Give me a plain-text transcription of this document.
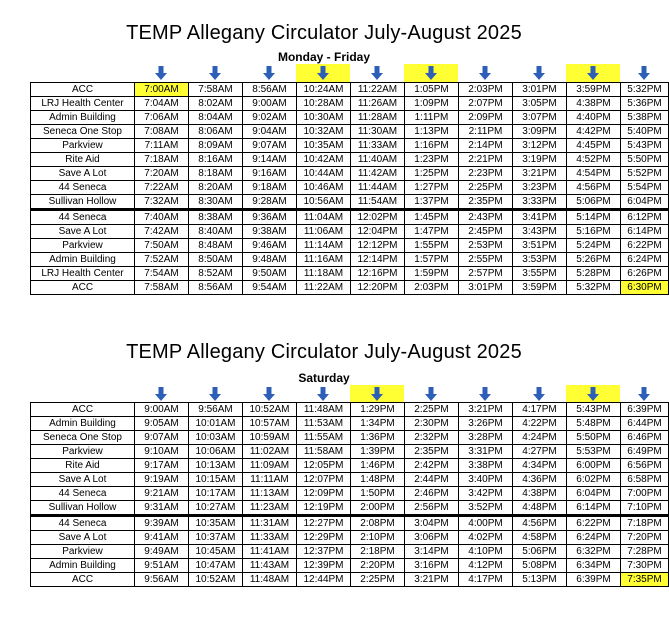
TEMP Allegany Circulator July-August 2025
Monday - Friday
ACC	7:00AM	7:58AM	8:56AM	10:24AM	11:22AM	1:05PM	2:03PM	3:01PM	3:59PM	5:32PM
LRJ Health Center	7:04AM	8:02AM	9:00AM	10:28AM	11:26AM	1:09PM	2:07PM	3:05PM	4:38PM	5:36PM
Admin Building	7:06AM	8:04AM	9:02AM	10:30AM	11:28AM	1:11PM	2:09PM	3:07PM	4:40PM	5:38PM
Seneca One Stop	7:08AM	8:06AM	9:04AM	10:32AM	11:30AM	1:13PM	2:11PM	3:09PM	4:42PM	5:40PM
Parkview	7:11AM	8:09AM	9:07AM	10:35AM	11:33AM	1:16PM	2:14PM	3:12PM	4:45PM	5:43PM
Rite Aid	7:18AM	8:16AM	9:14AM	10:42AM	11:40AM	1:23PM	2:21PM	3:19PM	4:52PM	5:50PM
Save A Lot	7:20AM	8:18AM	9:16AM	10:44AM	11:42AM	1:25PM	2:23PM	3:21PM	4:54PM	5:52PM
44 Seneca	7:22AM	8:20AM	9:18AM	10:46AM	11:44AM	1:27PM	2:25PM	3:23PM	4:56PM	5:54PM
Sullivan Hollow	7:32AM	8:30AM	9:28AM	10:56AM	11:54AM	1:37PM	2:35PM	3:33PM	5:06PM	6:04PM
44 Seneca	7:40AM	8:38AM	9:36AM	11:04AM	12:02PM	1:45PM	2:43PM	3:41PM	5:14PM	6:12PM
Save A Lot	7:42AM	8:40AM	9:38AM	11:06AM	12:04PM	1:47PM	2:45PM	3:43PM	5:16PM	6:14PM
Parkview	7:50AM	8:48AM	9:46AM	11:14AM	12:12PM	1:55PM	2:53PM	3:51PM	5:24PM	6:22PM
Admin Building	7:52AM	8:50AM	9:48AM	11:16AM	12:14PM	1:57PM	2:55PM	3:53PM	5:26PM	6:24PM
LRJ Health Center	7:54AM	8:52AM	9:50AM	11:18AM	12:16PM	1:59PM	2:57PM	3:55PM	5:28PM	6:26PM
ACC	7:58AM	8:56AM	9:54AM	11:22AM	12:20PM	2:03PM	3:01PM	3:59PM	5:32PM	6:30PM
TEMP Allegany Circulator July-August 2025
Saturday
ACC	9:00AM	9:56AM	10:52AM	11:48AM	1:29PM	2:25PM	3:21PM	4:17PM	5:43PM	6:39PM
Admin Building	9:05AM	10:01AM	10:57AM	11:53AM	1:34PM	2:30PM	3:26PM	4:22PM	5:48PM	6:44PM
Seneca One Stop	9:07AM	10:03AM	10:59AM	11:55AM	1:36PM	2:32PM	3:28PM	4:24PM	5:50PM	6:46PM
Parkview	9:10AM	10:06AM	11:02AM	11:58AM	1:39PM	2:35PM	3:31PM	4:27PM	5:53PM	6:49PM
Rite Aid	9:17AM	10:13AM	11:09AM	12:05PM	1:46PM	2:42PM	3:38PM	4:34PM	6:00PM	6:56PM
Save A Lot	9:19AM	10:15AM	11:11AM	12:07PM	1:48PM	2:44PM	3:40PM	4:36PM	6:02PM	6:58PM
44 Seneca	9:21AM	10:17AM	11:13AM	12:09PM	1:50PM	2:46PM	3:42PM	4:38PM	6:04PM	7:00PM
Sullivan Hollow	9:31AM	10:27AM	11:23AM	12:19PM	2:00PM	2:56PM	3:52PM	4:48PM	6:14PM	7:10PM
44 Seneca	9:39AM	10:35AM	11:31AM	12:27PM	2:08PM	3:04PM	4:00PM	4:56PM	6:22PM	7:18PM
Save A Lot	9:41AM	10:37AM	11:33AM	12:29PM	2:10PM	3:06PM	4:02PM	4:58PM	6:24PM	7:20PM
Parkview	9:49AM	10:45AM	11:41AM	12:37PM	2:18PM	3:14PM	4:10PM	5:06PM	6:32PM	7:28PM
Admin Building	9:51AM	10:47AM	11:43AM	12:39PM	2:20PM	3:16PM	4:12PM	5:08PM	6:34PM	7:30PM
ACC	9:56AM	10:52AM	11:48AM	12:44PM	2:25PM	3:21PM	4:17PM	5:13PM	6:39PM	7:35PM
